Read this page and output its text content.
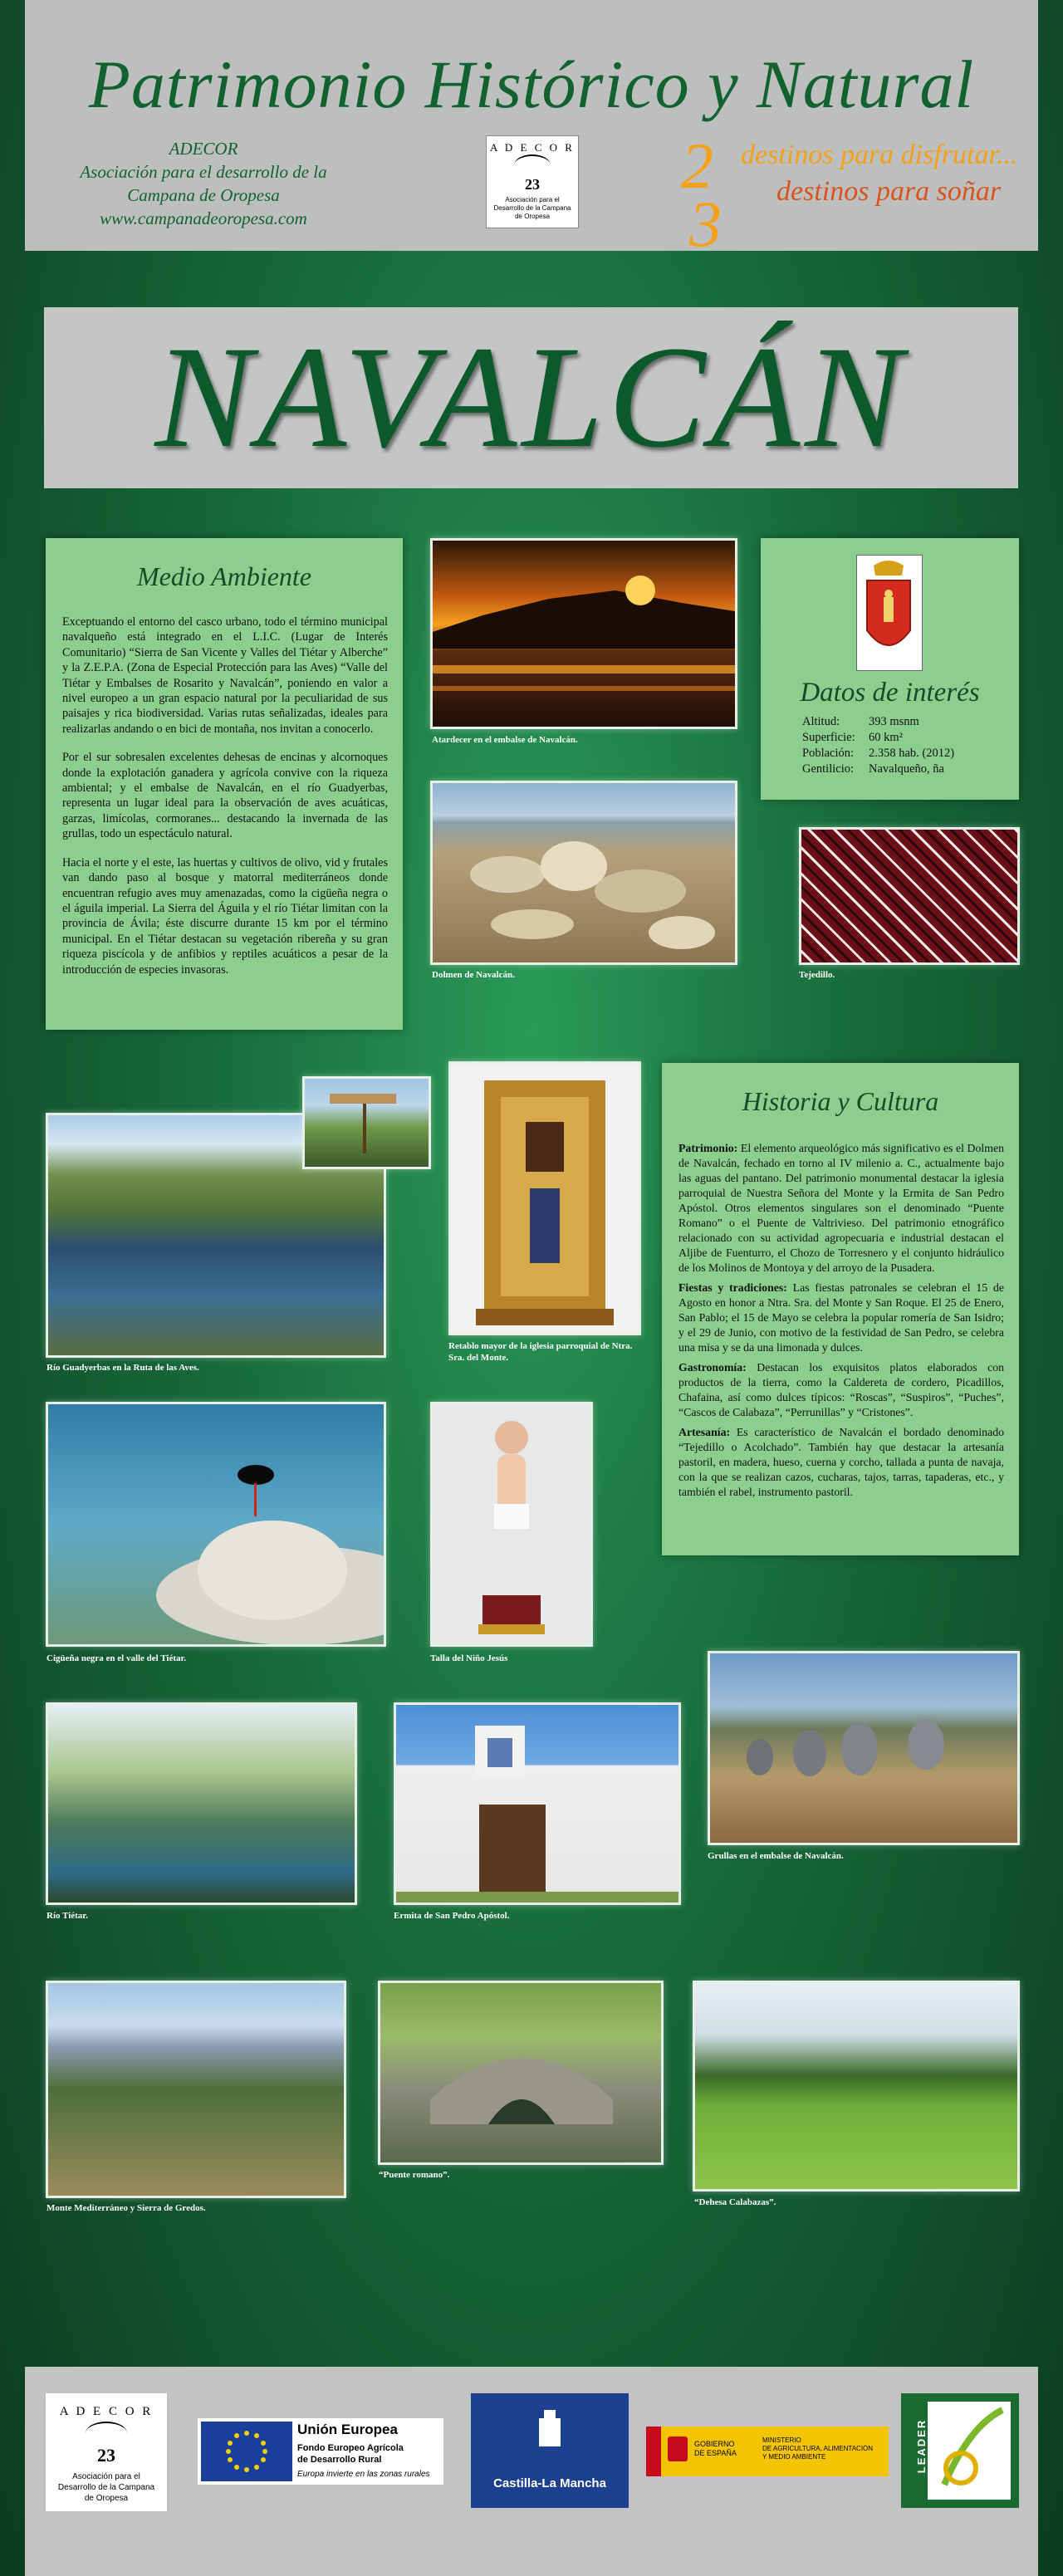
Patrimonio Histórico y Natural
ADECOR
Asociación para el desarrollo de la
Campana de Oropesa
www.campanadeoropesa.com
A D E C O R
23
Asociación para el Desarrollo de la Campana de Oropesa
2
3
destinos para disfrutar...
destinos para soñar
NAVALCÁN
Medio Ambiente

Exceptuando el entorno del casco urbano, todo el término municipal navalqueño está integrado en el L.I.C. (Lugar de Interés Comunitario) “Sierra de San Vicente y Valles del Tiétar y Alberche” y la Z.E.P.A. (Zona de Especial Protección para las Aves) “Valle del Tiétar y Embalses de Rosarito y Navalcán”, poniendo en valor a nivel europeo a un gran espacio natural por la peculiaridad de sus paisajes y rica biodiversidad. Varias rutas señalizadas, ideales para realizarlas andando o en bici de montaña, nos invitan a conocerlo.

Por el sur sobresalen excelentes dehesas de encinas y alcornoques donde la explotación ganadera y agrícola convive con la riqueza ambiental; y el embalse de Navalcán, en el río Guadyerbas, representa un lugar ideal para la observación de aves acuáticas, garzas, limícolas, cormoranes... destacando la invernada de las grullas, todo un espectáculo natural.

Hacia el norte y el este, las huertas y cultivos de olivo, vid y frutales van dando paso al bosque y matorral mediterráneos donde encuentran refugio aves muy amenazadas, como la cigüeña negra o el águila imperial. La Sierra del Águila y el río Tiétar limitan con la provincia de Ávila; éste discurre durante 15 km por el término municipal. En el Tiétar destacan su vegetación ribereña y su gran riqueza piscícola y de anfibios y reptiles acuáticos a pesar de la introducción de especies invasoras.

Atardecer en el embalse de Navalcán.
Dolmen de Navalcán.
Datos de interés
Altitud:	393 msnm
Superficie:	60 km²
Población:	2.358 hab. (2012)
Gentilicio:	Navalqueño, ña
Tejedillo.
Río Guadyerbas en la Ruta de las Aves.
Retablo mayor de la iglesia parroquial de Ntra. Sra. del Monte.
Historia y Cultura

Patrimonio: El elemento arqueológico más significativo es el Dolmen de Navalcán, fechado en torno al IV milenio a. C., actualmente bajo las aguas del pantano. Del patrimonio monumental destacar la iglesia parroquial de Nuestra Señora del Monte y la Ermita de San Pedro Apóstol. Otros elementos singulares son el denominado “Puente Romano” o el Puente de Valtrivieso. Del patrimonio etnográfico relacionado con su actividad agropecuaria e industrial destacan el Aljibe de Fuenturro, el Chozo de Torresnero y el conjunto hidráulico de los Molinos de Montoya y del arroyo de la Pusadera.

Fiestas y tradiciones: Las fiestas patronales se celebran el 15 de Agosto en honor a Ntra. Sra. del Monte y San Roque. El 25 de Enero, San Pablo; el 15 de Mayo se celebra la popular romería de San Isidro; y el 29 de Junio, con motivo de la festividad de San Pedro, se celebra una misa y se da una limonada y dulces.

Gastronomía: Destacan los exquisitos platos elaborados con productos de la tierra, como la Caldereta de cordero, Picadillos, Chafaina, así como dulces típicos: “Roscas”, “Suspiros”, “Puches”, “Cascos de Calabaza”, “Perrunillas” y “Cristones”.

Artesanía: Es característico de Navalcán el bordado denominado “Tejedillo o Acolchado”. También hay que destacar la artesanía pastoril, en madera, hueso, cuerna y corcho, tallada a punta de navaja, con la que se realizan cazos, cucharas, tajos, tarras, tapaderas, etc., y también el rabel, instrumento pastoril.

Cigüeña negra en el valle del Tiétar.	Talla del Niño Jesús
Río Tiétar.	Ermita de San Pedro Apóstol.
Grullas en el embalse de Navalcán.
Monte Mediterráneo y Sierra de Gredos.
“Puente romano”.
“Dehesa Calabazas”.
A D E C O R
23
Asociación para el Desarrollo de la Campana de Oropesa
Unión Europea
Fondo Europeo Agrícola
de Desarrollo Rural
Europa invierte en las zonas rurales
Castilla-La Mancha
GOBIERNO
DE ESPAÑA
MINISTERIO
DE AGRICULTURA, ALIMENTACIÓN
Y MEDIO AMBIENTE	LEADER
